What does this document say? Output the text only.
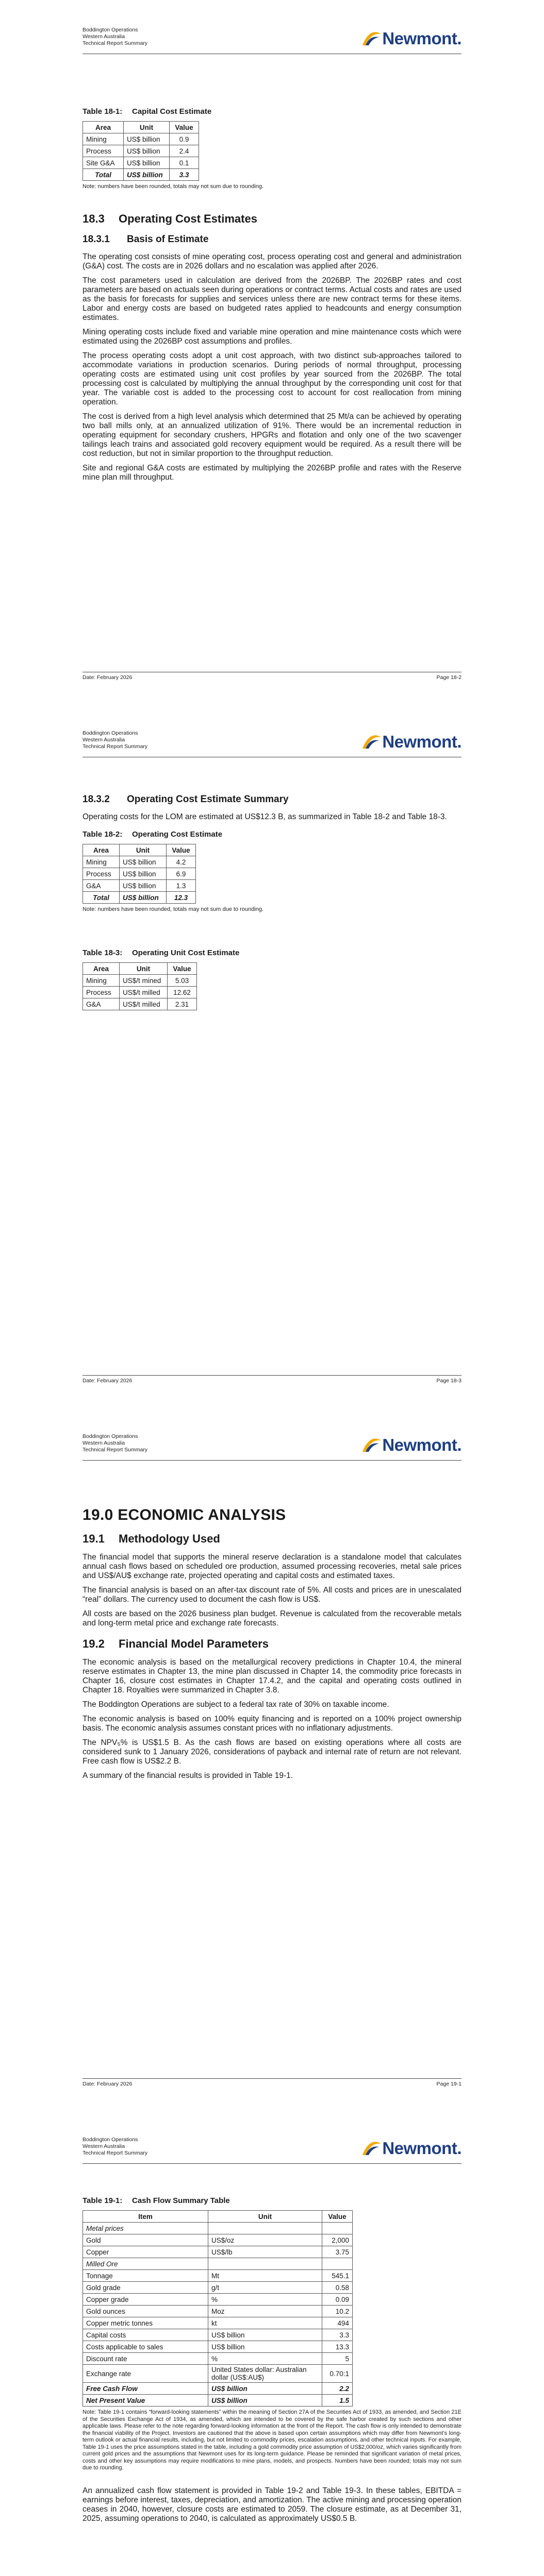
Boddington Operations
Western Australia
Technical Report Summary	Newmont.
Table 18-1: Capital Cost Estimate
Area	Unit	Value
Mining	US$ billion	0.9
Process	US$ billion	2.4
Site G&A	US$ billion	0.1
Total	US$ billion	3.3
Note: numbers have been rounded, totals may not sum due to rounding.
18.3 Operating Cost Estimates
18.3.1 Basis of Estimate

The operating cost consists of mine operating cost, process operating cost and general and administration (G&A) cost. The costs are in 2026 dollars and no escalation was applied after 2026.

The cost parameters used in calculation are derived from the 2026BP. The 2026BP rates and cost parameters are based on actuals seen during operations or contract terms. Actual costs and rates are used as the basis for forecasts for supplies and services unless there are new contract terms for these items. Labor and energy costs are based on budgeted rates applied to headcounts and energy consumption estimates.

Mining operating costs include fixed and variable mine operation and mine maintenance costs which were estimated using the 2026BP cost assumptions and profiles.

The process operating costs adopt a unit cost approach, with two distinct sub-approaches tailored to accommodate variations in production scenarios. During periods of normal throughput, processing operating costs are estimated using unit cost profiles by year sourced from the 2026BP. The total processing cost is calculated by multiplying the annual throughput by the corresponding unit cost for that year. The variable cost is added to the processing cost to account for cost reallocation from mining operation.

The cost is derived from a high level analysis which determined that 25 Mt/a can be achieved by operating two ball mills only, at an annualized utilization of 91%. There would be an incremental reduction in operating equipment for secondary crushers, HPGRs and flotation and only one of the two scavenger tailings leach trains and associated gold recovery equipment would be required. As a result there will be cost reduction, but not in similar proportion to the throughput reduction.

Site and regional G&A costs are estimated by multiplying the 2026BP profile and rates with the Reserve mine plan mill throughput.

Date: February 2026	Page 18-2
Boddington Operations
Western Australia
Technical Report Summary	Newmont.
18.3.2 Operating Cost Estimate Summary

Operating costs for the LOM are estimated at US$12.3 B, as summarized in Table 18-2 and Table 18-3.

Table 18-2: Operating Cost Estimate
Area	Unit	Value
Mining	US$ billion	4.2
Process	US$ billion	6.9
G&A	US$ billion	1.3
Total	US$ billion	12.3
Note: numbers have been rounded, totals may not sum due to rounding.
Table 18-3: Operating Unit Cost Estimate
Area	Unit	Value
Mining	US$/t mined	5.03
Process	US$/t milled	12.62
G&A	US$/t milled	2.31
Date: February 2026	Page 18-3
Boddington Operations
Western Australia
Technical Report Summary	Newmont.
19.0 ECONOMIC ANALYSIS
19.1 Methodology Used

The financial model that supports the mineral reserve declaration is a standalone model that calculates annual cash flows based on scheduled ore production, assumed processing recoveries, metal sale prices and US$/AU$ exchange rate, projected operating and capital costs and estimated taxes.

The financial analysis is based on an after-tax discount rate of 5%. All costs and prices are in unescalated “real” dollars. The currency used to document the cash flow is US$.

All costs are based on the 2026 business plan budget. Revenue is calculated from the recoverable metals and long-term metal price and exchange rate forecasts.

19.2 Financial Model Parameters

The economic analysis is based on the metallurgical recovery predictions in Chapter 10.4, the mineral reserve estimates in Chapter 13, the mine plan discussed in Chapter 14, the commodity price forecasts in Chapter 16, closure cost estimates in Chapter 17.4.2, and the capital and operating costs outlined in Chapter 18. Royalties were summarized in Chapter 3.8.

The Boddington Operations are subject to a federal tax rate of 30% on taxable income.

The economic analysis is based on 100% equity financing and is reported on a 100% project ownership basis. The economic analysis assumes constant prices with no inflationary adjustments.

The NPV₅% is US$1.5 B. As the cash flows are based on existing operations where all costs are considered sunk to 1 January 2026, considerations of payback and internal rate of return are not relevant. Free cash flow is US$2.2 B.

A summary of the financial results is provided in Table 19-1.

Date: February 2026	Page 19-1
Boddington Operations
Western Australia
Technical Report Summary	Newmont.
Table 19-1: Cash Flow Summary Table
Item	Unit	Value
Metal prices		
Gold	US$/oz	2,000
Copper	US$/lb	3.75
Milled Ore		
Tonnage	Mt	545.1
Gold grade	g/t	0.58
Copper grade	%	0.09
Gold ounces	Moz	10.2
Copper metric tonnes	kt	494
Capital costs	US$ billion	3.3
Costs applicable to sales	US$ billion	13.3
Discount rate	%	5
Exchange rate	United States dollar: Australian dollar (US$:AU$)	0.70:1
Free Cash Flow	US$ billion	2.2
Net Present Value	US$ billion	1.5
Note: Table 19-1 contains “forward-looking statements” within the meaning of Section 27A of the Securities Act of 1933, as amended, and Section 21E of the Securities Exchange Act of 1934, as amended, which are intended to be covered by the safe harbor created by such sections and other applicable laws. Please refer to the note regarding forward-looking information at the front of the Report. The cash flow is only intended to demonstrate the financial viability of the Project. Investors are cautioned that the above is based upon certain assumptions which may differ from Newmont’s long-term outlook or actual financial results, including, but not limited to commodity prices, escalation assumptions, and other technical inputs. For example, Table 19-1 uses the price assumptions stated in the table, including a gold commodity price assumption of US$2,000/oz, which varies significantly from current gold prices and the assumptions that Newmont uses for its long-term guidance. Please be reminded that significant variation of metal prices, costs and other key assumptions may require modifications to mine plans, models, and prospects. Numbers have been rounded; totals may not sum due to rounding.

An annualized cash flow statement is provided in Table 19-2 and Table 19-3. In these tables, EBITDA = earnings before interest, taxes, depreciation, and amortization. The active mining and processing operation ceases in 2040, however, closure costs are estimated to 2059. The closure estimate, as at December 31, 2025, assuming operations to 2040, is calculated as approximately US$0.5 B.
